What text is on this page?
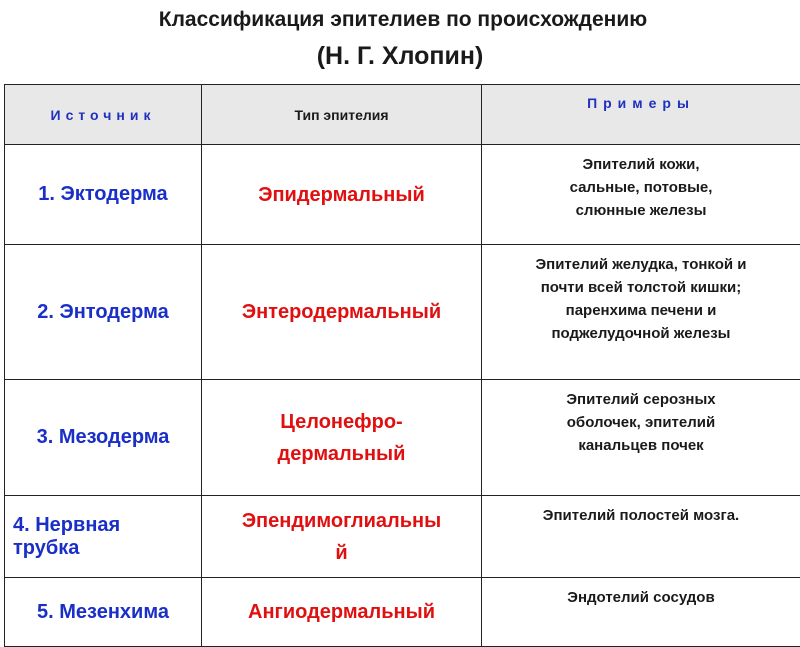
Классификация эпителиев по происхождению
(Н. Г. Хлопин)
Источник	Тип эпителия	Примеры
1. Эктодерма	Эпидермальный	Эпителий кожи,
сальные, потовые,
слюнные железы
2. Энтодерма	Энтеродермальный	Эпителий желудка, тонкой и
почти всей толстой кишки;
паренхима печени и
поджелудочной железы
3. Мезодерма	Целонефро-
дермальный	Эпителий серозных
оболочек, эпителий
канальцев почек
4. Нервная
трубка	Эпендимоглиальны
й	Эпителий полостей мозга.
5. Мезенхима	Ангиодермальный	Эндотелий сосудов
